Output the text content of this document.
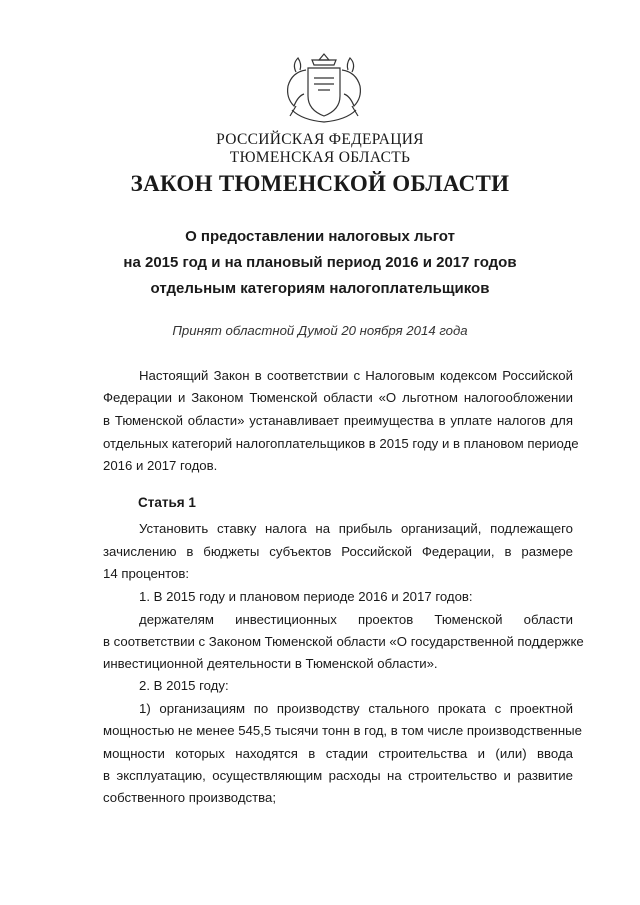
РОССИЙСКАЯ ФЕДЕРАЦИЯ
ТЮМЕНСКАЯ ОБЛАСТЬ
ЗАКОН ТЮМЕНСКОЙ ОБЛАСТИ
О предоставлении налоговых льгот
на 2015 год и на плановый период 2016 и 2017 годов
отдельным категориям налогоплательщиков
Принят областной Думой 20 ноября 2014 года
Настоящий Закон в соответствии с Налоговым кодексом Российской
Федерации и Законом Тюменской области «О льготном налогообложении
в Тюменской области» устанавливает преимущества в уплате налогов для
отдельных категорий налогоплательщиков в 2015 году и в плановом периоде
2016 и 2017 годов.
Статья 1
Установить ставку налога на прибыль организаций, подлежащего
зачислению в бюджеты субъектов Российской Федерации, в размере
14 процентов:
1. В 2015 году и плановом периоде 2016 и 2017 годов:
держателям инвестиционных проектов Тюменской области
в соответствии с Законом Тюменской области «О государственной поддержке
инвестиционной деятельности в Тюменской области».
2. В 2015 году:
1) организациям по производству стального проката с проектной
мощностью не менее 545,5 тысячи тонн в год, в том числе производственные
мощности которых находятся в стадии строительства и (или) ввода
в эксплуатацию, осуществляющим расходы на строительство и развитие
собственного производства;
